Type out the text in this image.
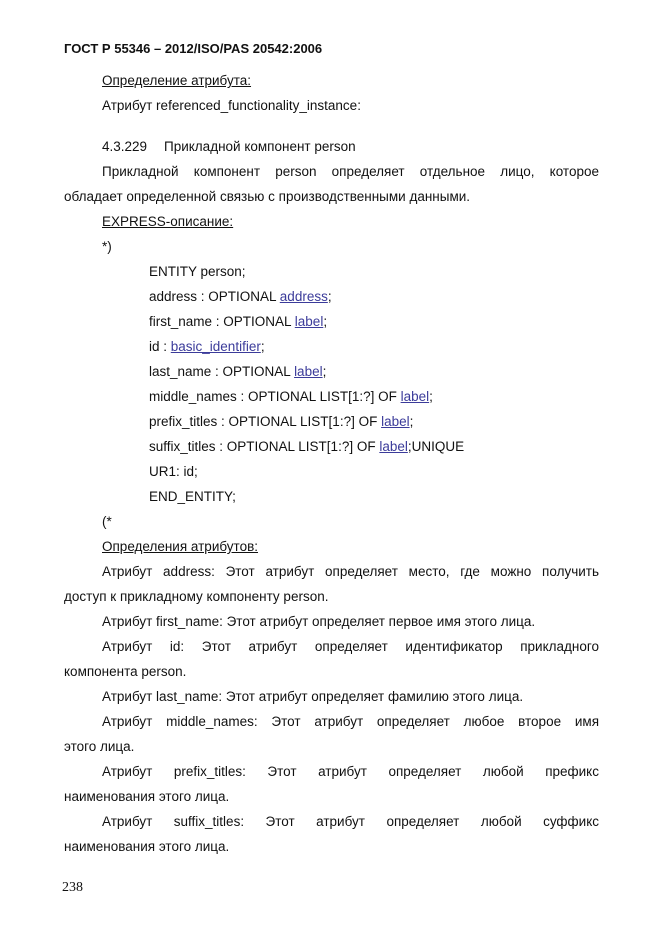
ГОСТ Р 55346 – 2012/ISO/PAS 20542:2006
Определение атрибута:
Атрибут referenced_functionality_instance:
4.3.229 Прикладной компонент person
Прикладной компонент person определяет отдельное лицо, которое
обладает определенной связью с производственными данными.
EXPRESS-описание:
*)
ENTITY person;
address : OPTIONAL address;
first_name : OPTIONAL label;
id : basic_identifier;
last_name : OPTIONAL label;
middle_names : OPTIONAL LIST[1:?] OF label;
prefix_titles : OPTIONAL LIST[1:?] OF label;
suffix_titles : OPTIONAL LIST[1:?] OF label;UNIQUE
UR1: id;
END_ENTITY;
(*
Определения атрибутов:
Атрибут address: Этот атрибут определяет место, где можно получить
доступ к прикладному компоненту person.
Атрибут first_name: Этот атрибут определяет первое имя этого лица.
Атрибут id: Этот атрибут определяет идентификатор прикладного
компонента person.
Атрибут last_name: Этот атрибут определяет фамилию этого лица.
Атрибут middle_names: Этот атрибут определяет любое второе имя
этого лица.
Атрибут prefix_titles: Этот атрибут определяет любой префикс
наименования этого лица.
Атрибут suffix_titles: Этот атрибут определяет любой суффикс
наименования этого лица.
238
